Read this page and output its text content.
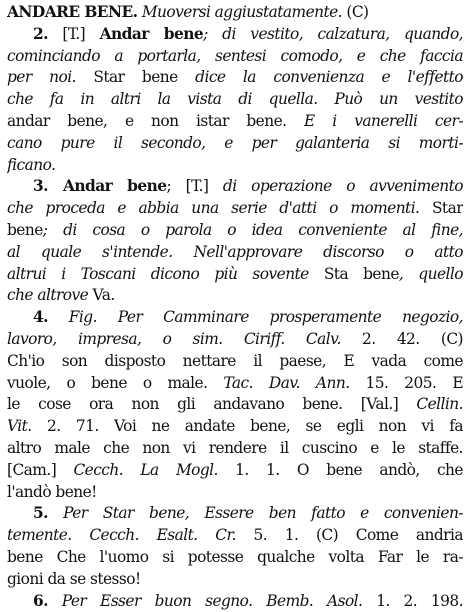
ANDARE BENE. Muoversi aggiustatamente. (C)
2. [T.] Andar bene; di vestito, calzatura, quando,
cominciando a portarla, sentesi comodo, e che faccia
per noi. Star bene dice la convenienza e l'effetto
che fa in altri la vista di quella. Può un vestito
andar bene, e non istar bene. E i vanerelli cer-
cano pure il secondo, e per galanteria si morti-
ficano.
3. Andar bene; [T.] di operazione o avvenimento
che proceda e abbia una serie d'atti o momenti. Star
bene; di cosa o parola o idea conveniente al fine,
al quale s'intende. Nell'approvare discorso o atto
altrui i Toscani dicono più sovente Sta bene, quello
che altrove Va.
4. Fig. Per Camminare prosperamente negozio,
lavoro, impresa, o sim. Ciriff. Calv. 2. 42. (C)
Ch'io son disposto nettare il paese, E vada come
vuole, o bene o male. Tac. Dav. Ann. 15. 205. E
le cose ora non gli andavano bene. [Val.] Cellin.
Vit. 2. 71. Voi ne andate bene, se egli non vi fa
altro male che non vi rendere il cuscino e le staffe.
[Cam.] Cecch. La Mogl. 1. 1. O bene andò, che
l'andò bene!
5. Per Star bene, Essere ben fatto e convenien-
temente. Cecch. Esalt. Cr. 5. 1. (C) Come andria
bene Che l'uomo si potesse qualche volta Far le ra-
gioni da se stesso!
6. Per Esser buon segno. Bemb. Asol. 1. 2. 198.
